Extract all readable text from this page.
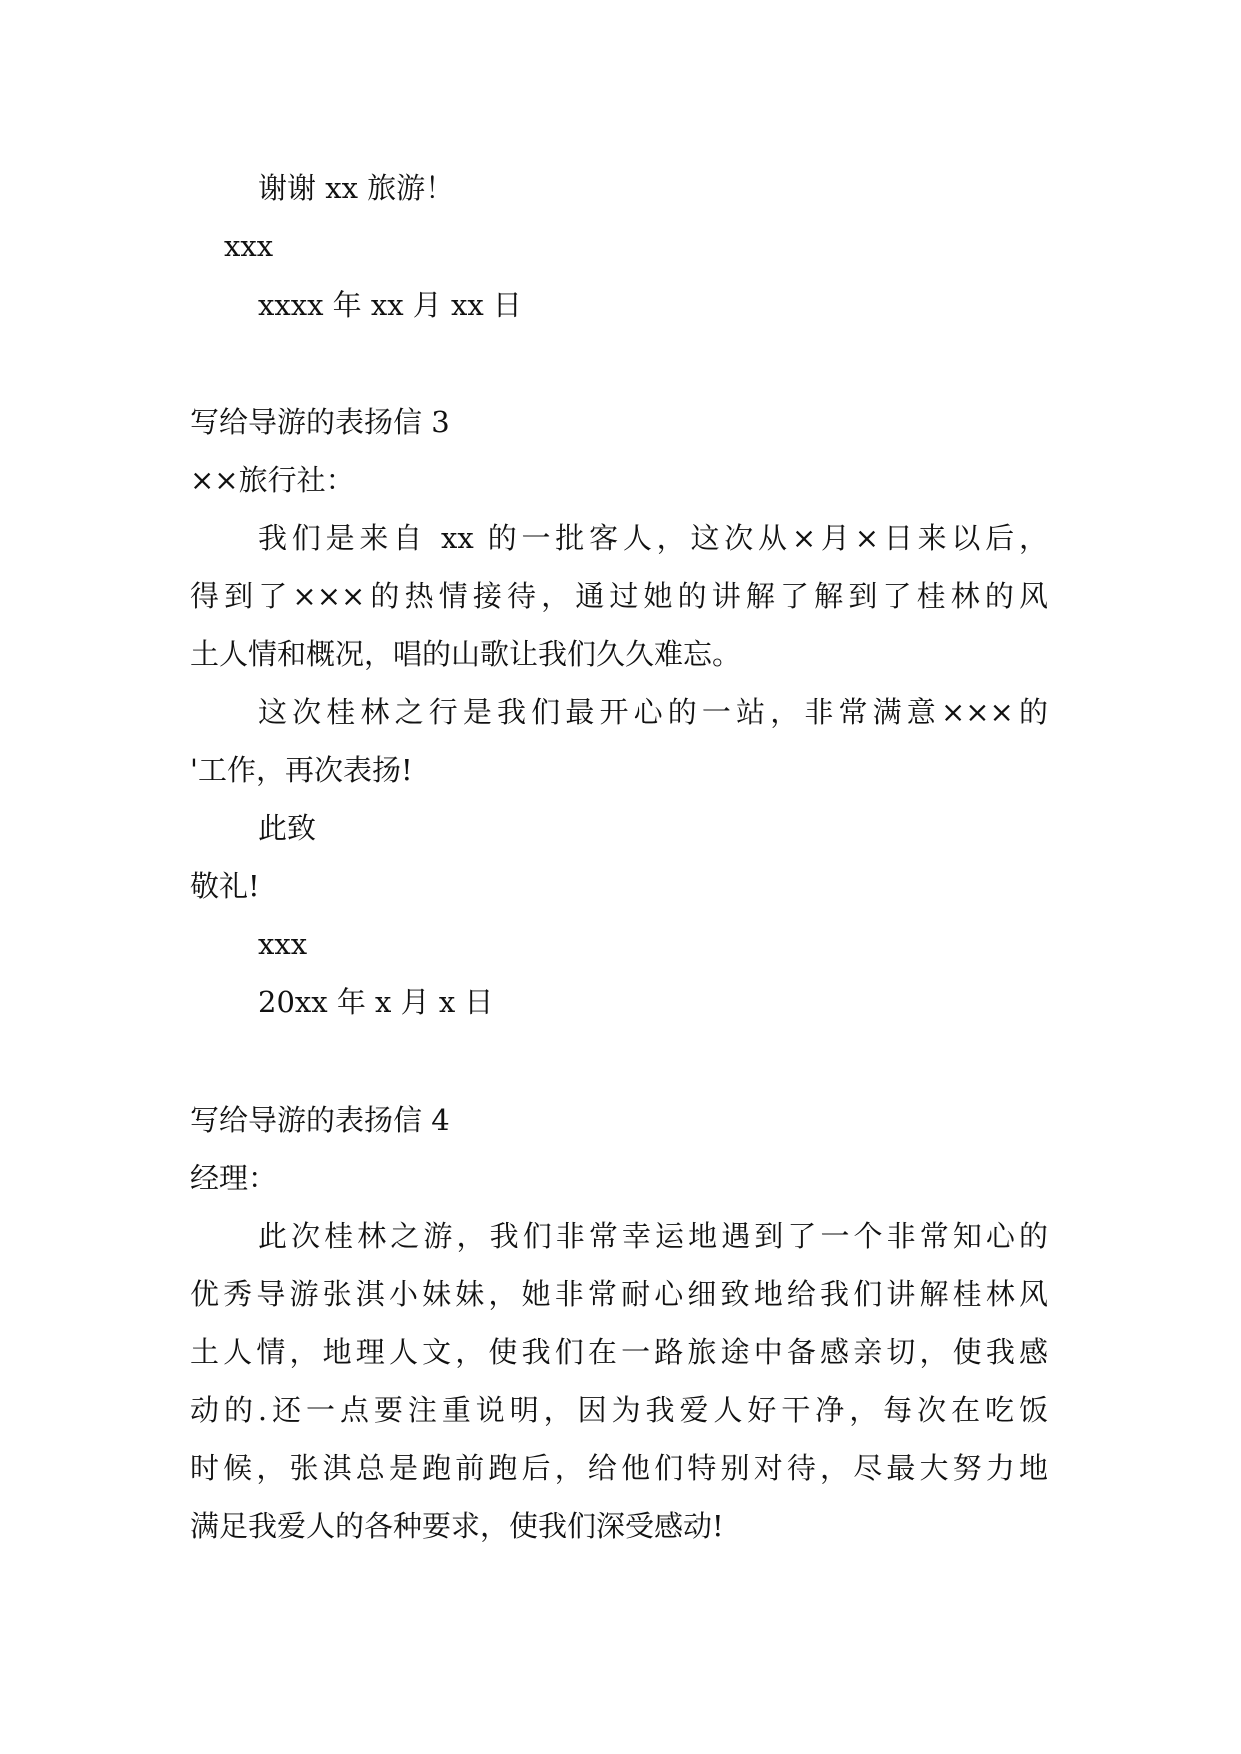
谢谢 xx 旅游！

xxx

xxxx 年 xx 月 xx 日

写给导游的表扬信 3

××旅行社：

我们是来自 xx 的一批客人，这次从×月×日来以后，

得到了×××的热情接待，通过她的讲解了解到了桂林的风

土人情和概况，唱的山歌让我们久久难忘。

这次桂林之行是我们最开心的一站，非常满意×××的

'工作，再次表扬!

此致

敬礼!

xxx

20xx 年 x 月 x 日

写给导游的表扬信 4

经理：

此次桂林之游，我们非常幸运地遇到了一个非常知心的

优秀导游张淇小妹妹，她非常耐心细致地给我们讲解桂林风

土人情，地理人文，使我们在一路旅途中备感亲切，使我感

动的.还一点要注重说明，因为我爱人好干净，每次在吃饭

时候，张淇总是跑前跑后，给他们特别对待，尽最大努力地

满足我爱人的各种要求，使我们深受感动!
